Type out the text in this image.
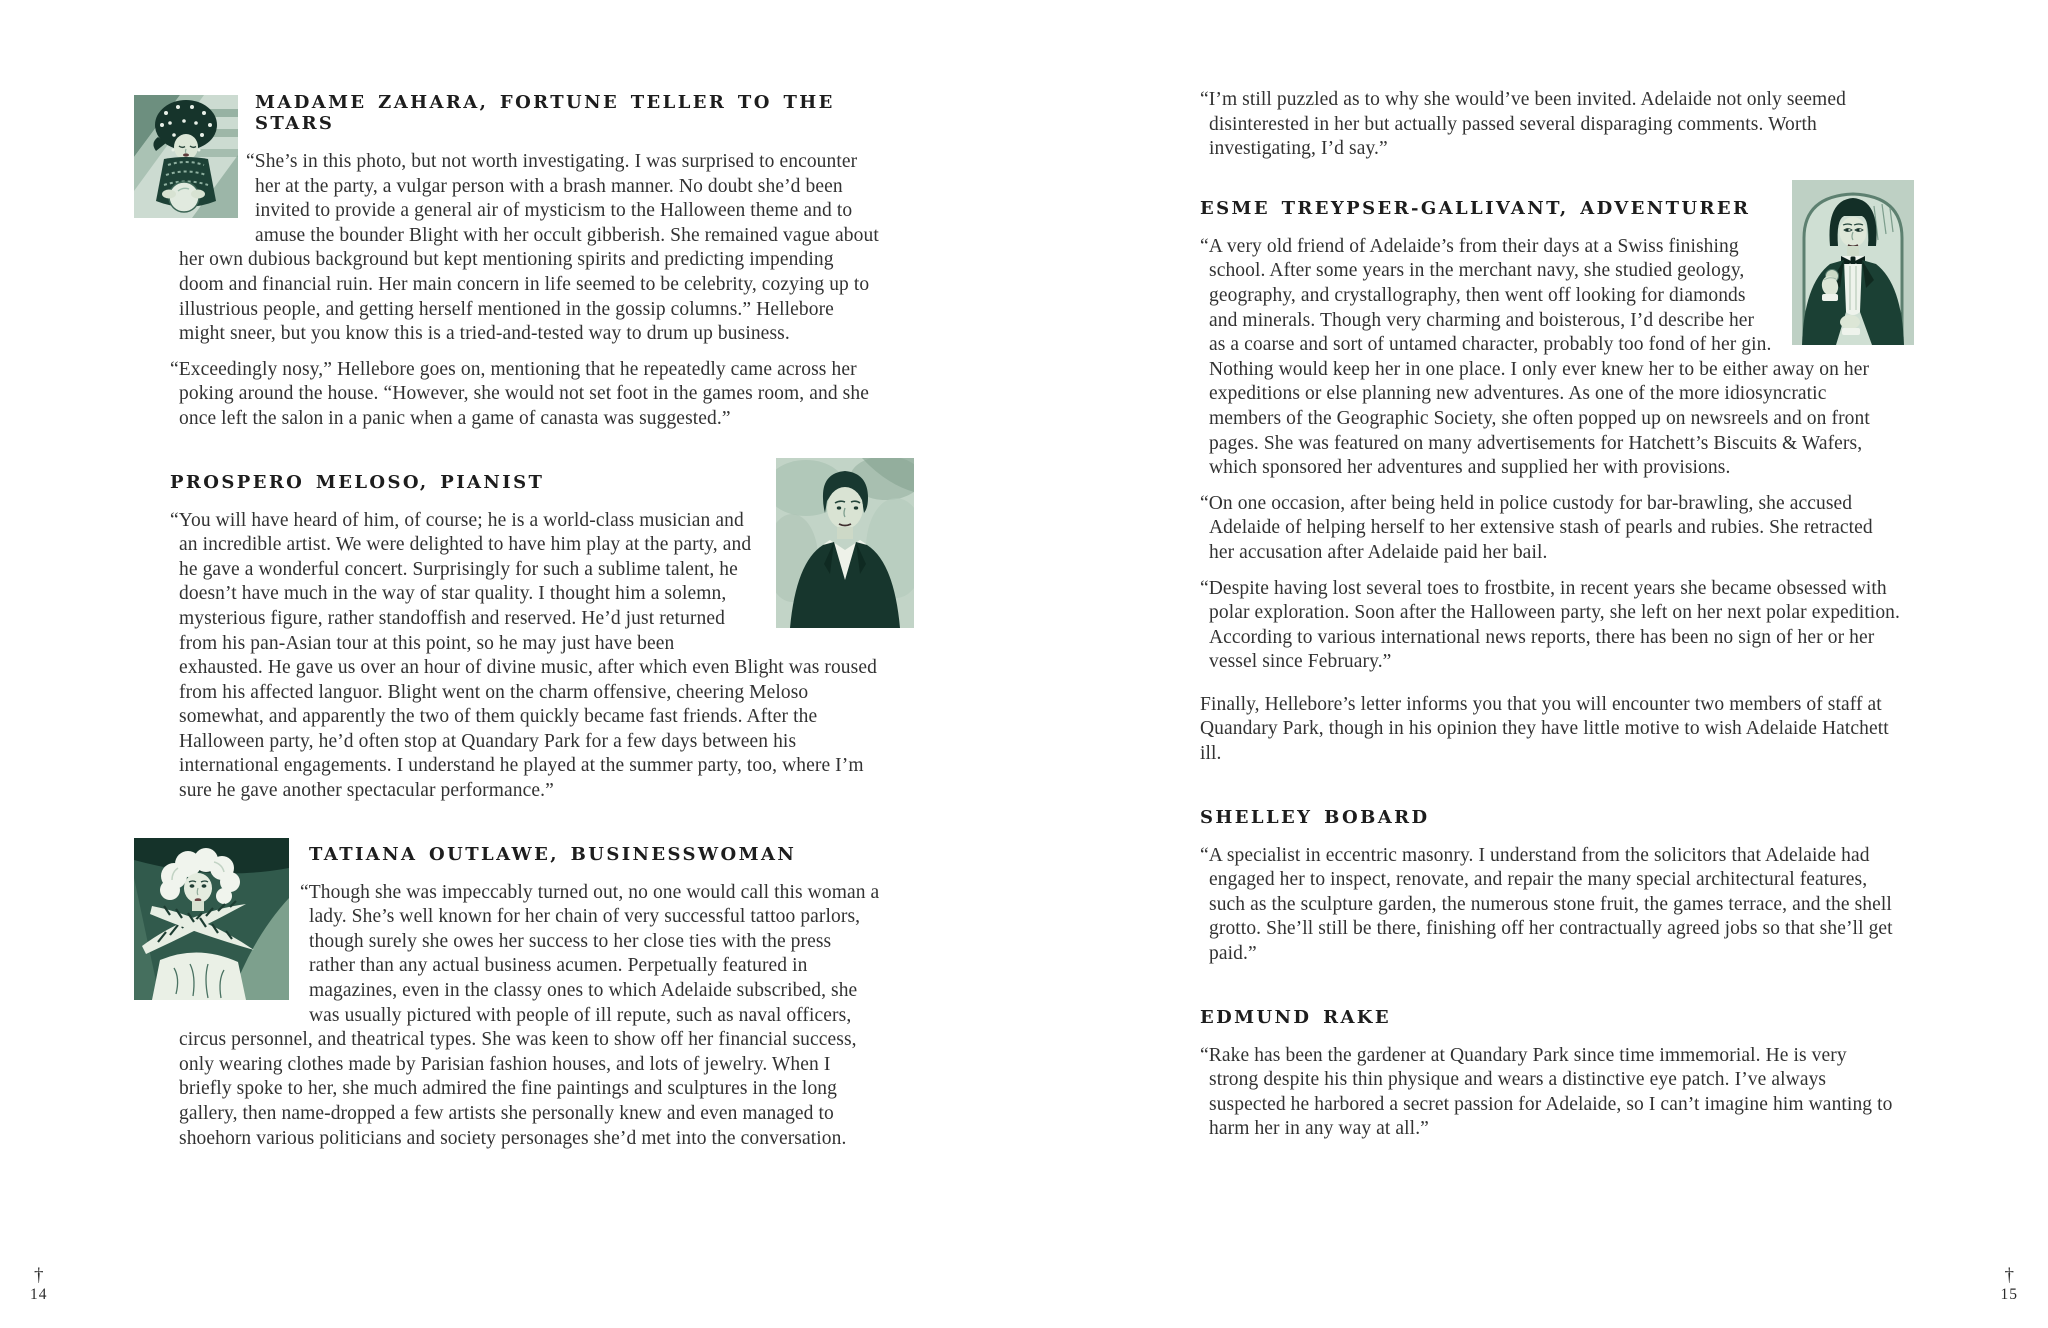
MADAME ZAHARA, FORTUNE TELLER TO THE STARS

“She’s in this photo, but not worth investigating. I was surprised to encounter her at the party, a vulgar person with a brash manner. No doubt she’d been invited to provide a general air of mysticism to the Halloween theme and to amuse the bounder Blight with her occult gibberish. She remained vague about her own dubious background but kept mentioning spirits and predicting impending doom and financial ruin. Her main concern in life seemed to be celebrity, cozying up to illustrious people, and getting herself mentioned in the gossip columns.” Hellebore might sneer, but you know this is a tried-and-tested way to drum up business.

“Exceedingly nosy,” Hellebore goes on, mentioning that he repeatedly came across her poking around the house. “However, she would not set foot in the games room, and she once left the salon in a panic when a game of canasta was suggested.”

PROSPERO MELOSO, PIANIST

“You will have heard of him, of course; he is a world-class musician and an incredible artist. We were delighted to have him play at the party, and he gave a wonderful concert. Surprisingly for such a sublime talent, he doesn’t have much in the way of star quality. I thought him a solemn, mysterious figure, rather standoffish and reserved. He’d just returned from his pan-Asian tour at this point, so he may just have been exhausted. He gave us over an hour of divine music, after which even Blight was roused from his affected languor. Blight went on the charm offensive, cheering Meloso somewhat, and apparently the two of them quickly became fast friends. After the Halloween party, he’d often stop at Quandary Park for a few days between his international engagements. I understand he played at the summer party, too, where I’m sure he gave another spectacular performance.”

TATIANA OUTLAWE, BUSINESSWOMAN

“Though she was impeccably turned out, no one would call this woman a lady. She’s well known for her chain of very successful tattoo parlors, though surely she owes her success to her close ties with the press rather than any actual business acumen. Perpetually featured in magazines, even in the classy ones to which Adelaide subscribed, she was usually pictured with people of ill repute, such as naval officers, circus personnel, and theatrical types. She was keen to show off her financial success, only wearing clothes made by Parisian fashion houses, and lots of jewelry. When I briefly spoke to her, she much admired the fine paintings and sculptures in the long gallery, then name-dropped a few artists she personally knew and even managed to shoehorn various politicians and society personages she’d met into the conversation.

†
14

“I’m still puzzled as to why she would’ve been invited. Adelaide not only seemed disinterested in her but actually passed several disparaging comments. Worth investigating, I’d say.”

ESME TREYPSER-GALLIVANT, ADVENTURER

“A very old friend of Adelaide’s from their days at a Swiss finishing school. After some years in the merchant navy, she studied geology, geography, and crystallography, then went off looking for diamonds and minerals. Though very charming and boisterous, I’d describe her as a coarse and sort of untamed character, probably too fond of her gin. Nothing would keep her in one place. I only ever knew her to be either away on her expeditions or else planning new adventures. As one of the more idiosyncratic members of the Geographic Society, she often popped up on newsreels and on front pages. She was featured on many advertisements for Hatchett’s Biscuits & Wafers, which sponsored her adventures and supplied her with provisions.

“On one occasion, after being held in police custody for bar-brawling, she accused Adelaide of helping herself to her extensive stash of pearls and rubies. She retracted her accusation after Adelaide paid her bail.

“Despite having lost several toes to frostbite, in recent years she became obsessed with polar exploration. Soon after the Halloween party, she left on her next polar expedition. According to various international news reports, there has been no sign of her or her vessel since February.”

Finally, Hellebore’s letter informs you that you will encounter two members of staff at Quandary Park, though in his opinion they have little motive to wish Adelaide Hatchett ill.

SHELLEY BOBARD

“A specialist in eccentric masonry. I understand from the solicitors that Adelaide had engaged her to inspect, renovate, and repair the many special architectural features, such as the sculpture garden, the numerous stone fruit, the games terrace, and the shell grotto. She’ll still be there, finishing off her contractually agreed jobs so that she’ll get paid.”

EDMUND RAKE

“Rake has been the gardener at Quandary Park since time immemorial. He is very strong despite his thin physique and wears a distinctive eye patch. I’ve always suspected he harbored a secret passion for Adelaide, so I can’t imagine him wanting to harm her in any way at all.”

†
15
